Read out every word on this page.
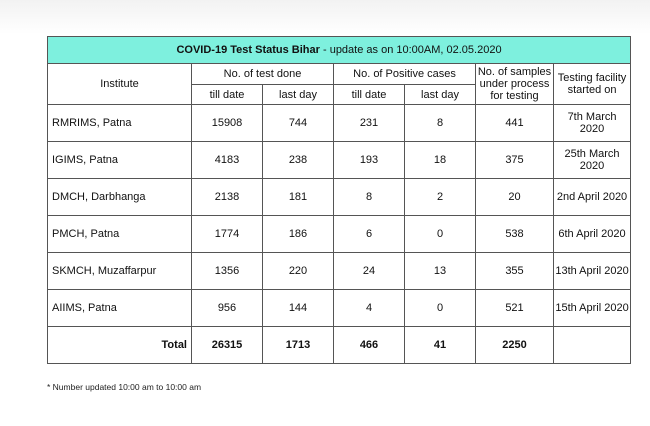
COVID-19 Test Status Bihar - update as on 10:00AM, 02.05.2020						
Institute	No. of test done		No. of Positive cases		No. of samples under process for testing	Testing facility started on
	till date	last day	till date	last day		
RMRIMS, Patna	15908	744	231	8	441	7th March 2020
IGIMS, Patna	4183	238	193	18	375	25th March 2020
DMCH, Darbhanga	2138	181	8	2	20	2nd April 2020
PMCH, Patna	1774	186	6	0	538	6th April 2020
SKMCH, Muzaffarpur	1356	220	24	13	355	13th April 2020
AIIMS, Patna	956	144	4	0	521	15th April 2020
Total	26315	1713	466	41	2250	
* Number updated 10:00 am to 10:00 am
